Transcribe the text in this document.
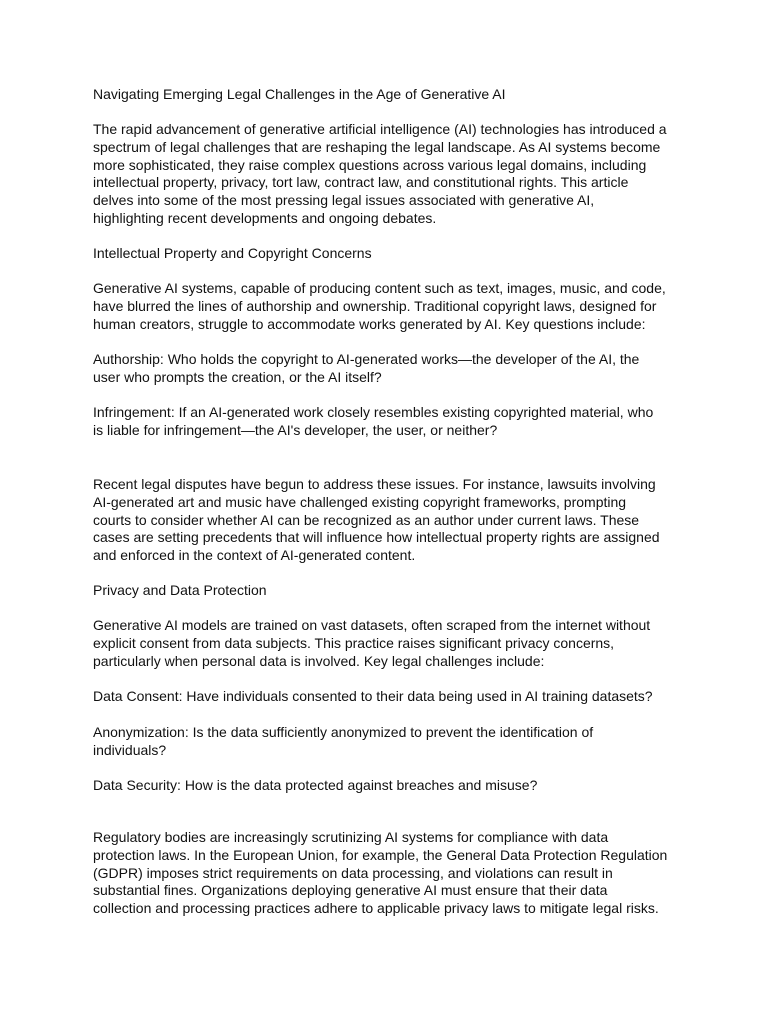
Navigating Emerging Legal Challenges in the Age of Generative AI

The rapid advancement of generative artificial intelligence (AI) technologies has introduced a
spectrum of legal challenges that are reshaping the legal landscape. As AI systems become
more sophisticated, they raise complex questions across various legal domains, including
intellectual property, privacy, tort law, contract law, and constitutional rights. This article
delves into some of the most pressing legal issues associated with generative AI,
highlighting recent developments and ongoing debates.

Intellectual Property and Copyright Concerns

Generative AI systems, capable of producing content such as text, images, music, and code,
have blurred the lines of authorship and ownership. Traditional copyright laws, designed for
human creators, struggle to accommodate works generated by AI. Key questions include:

Authorship: Who holds the copyright to AI-generated works—the developer of the AI, the
user who prompts the creation, or the AI itself?

Infringement: If an AI-generated work closely resembles existing copyrighted material, who
is liable for infringement—the AI's developer, the user, or neither?

Recent legal disputes have begun to address these issues. For instance, lawsuits involving
AI-generated art and music have challenged existing copyright frameworks, prompting
courts to consider whether AI can be recognized as an author under current laws. These
cases are setting precedents that will influence how intellectual property rights are assigned
and enforced in the context of AI-generated content.

Privacy and Data Protection

Generative AI models are trained on vast datasets, often scraped from the internet without
explicit consent from data subjects. This practice raises significant privacy concerns,
particularly when personal data is involved. Key legal challenges include:

Data Consent: Have individuals consented to their data being used in AI training datasets?

Anonymization: Is the data sufficiently anonymized to prevent the identification of
individuals?

Data Security: How is the data protected against breaches and misuse?

Regulatory bodies are increasingly scrutinizing AI systems for compliance with data
protection laws. In the European Union, for example, the General Data Protection Regulation
(GDPR) imposes strict requirements on data processing, and violations can result in
substantial fines. Organizations deploying generative AI must ensure that their data
collection and processing practices adhere to applicable privacy laws to mitigate legal risks.
